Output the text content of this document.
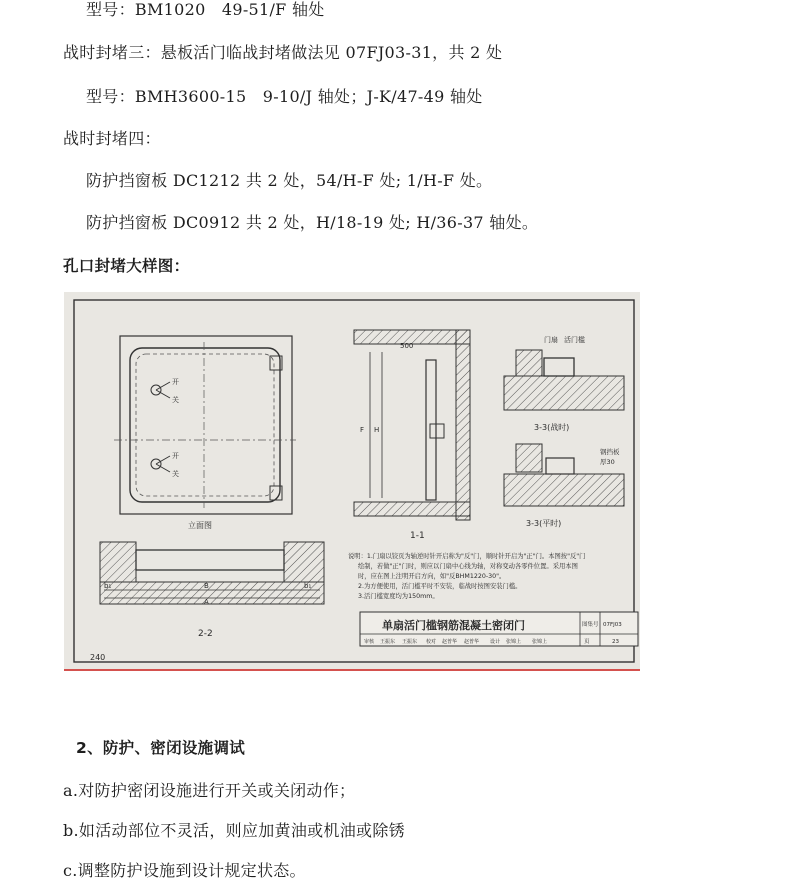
型号：BM1020　49-51/F 轴处
战时封堵三：悬板活门临战封堵做法见 07FJ03-31，共 2 处
型号：BMH3600-15　9-10/J 轴处；J-K/47-49 轴处
战时封堵四：
防护挡窗板 DC1212 共 2 处，54/H-F 处; 1/H-F 处。
防护挡窗板 DC0912 共 2 处，H/18-19 处; H/36-37 轴处。
孔口封堵大样图：
开
关
开
关
立面图
500
H
F
1-1
门扇 活门槛
3-3(战时)
钢挡板
厚30
3-3(平时)
b₁	B	b₁
A
2-2
说明：1.门扇以铰页为轴逆时针开启称为"反"门，顺时针开启为"正"门。本图按"反"门
绘制，若做"正"门时，则应以门扇中心线为轴，对称变动各零件位置。采用本图
时，应在图上注明开启方向，如"反BHM1220-30"。
2.为方便使用，活门槛平时不安装，临战时按图安装门槛。
3.活门槛宽度均为150mm。
单扇活门槛钢筋混凝土密闭门	图集号 07FJ03
页	23
审核 王振东 王振东 校对 赵普华 赵普华 设计 张锦上 张锦上
240
2、防护、密闭设施调试
a.对防护密闭设施进行开关或关闭动作；
b.如活动部位不灵活，则应加黄油或机油或除锈
c.调整防护设施到设计规定状态。
